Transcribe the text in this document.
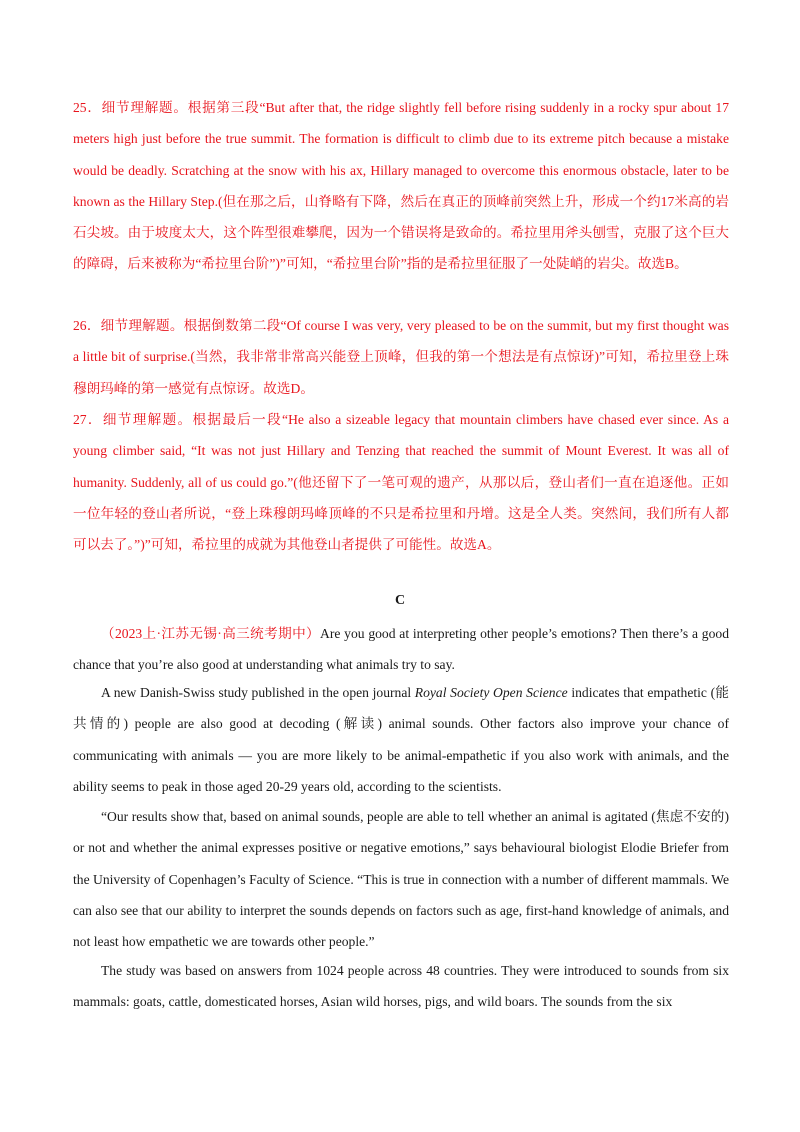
25．细节理解题。根据第三段“But after that, the ridge slightly fell before rising suddenly in a rocky spur about 17 meters high just before the true summit. The formation is difficult to climb due to its extreme pitch because a mistake would be deadly. Scratching at the snow with his ax, Hillary managed to overcome this enormous obstacle, later to be known as the Hillary Step.(但在那之后，山脊略有下降，然后在真正的顶峰前突然上升，形成一个约17米高的岩石尖坡。由于坡度太大，这个阵型很难攀爬，因为一个错误将是致命的。希拉里用斧头刨雪，克服了这个巨大的障碍，后来被称为“希拉里台阶”)”可知，“希拉里台阶”指的是希拉里征服了一处陡峭的岩尖。故选B。

26．细节理解题。根据倒数第二段“Of course I was very, very pleased to be on the summit, but my first thought was a little bit of surprise.(当然，我非常非常高兴能登上顶峰，但我的第一个想法是有点惊讶)”可知，希拉里登上珠穆朗玛峰的第一感觉有点惊讶。故选D。

27．细节理解题。根据最后一段“He also a sizeable legacy that mountain climbers have chased ever since. As a young climber said, “It was not just Hillary and Tenzing that reached the summit of Mount Everest. It was all of humanity. Suddenly, all of us could go.”(他还留下了一笔可观的遗产，从那以后，登山者们一直在追逐他。正如一位年轻的登山者所说，“登上珠穆朗玛峰顶峰的不只是希拉里和丹增。这是全人类。突然间，我们所有人都可以去了。”)”可知，希拉里的成就为其他登山者提供了可能性。故选A。

C

（2023上·江苏无锡·高三统考期中）Are you good at interpreting other people’s emotions? Then there’s a good chance that you’re also good at understanding what animals try to say.

A new Danish-Swiss study published in the open journal Royal Society Open Science indicates that empathetic (能共情的) people are also good at decoding (解读) animal sounds. Other factors also improve your chance of communicating with animals — you are more likely to be animal-empathetic if you also work with animals, and the ability seems to peak in those aged 20-29 years old, according to the scientists.

“Our results show that, based on animal sounds, people are able to tell whether an animal is agitated (焦虑不安的) or not and whether the animal expresses positive or negative emotions,” says behavioural biologist Elodie Briefer from the University of Copenhagen’s Faculty of Science. “This is true in connection with a number of different mammals. We can also see that our ability to interpret the sounds depends on factors such as age, first-hand knowledge of animals, and not least how empathetic we are towards other people.”

The study was based on answers from 1024 people across 48 countries. They were introduced to sounds from six mammals: goats, cattle, domesticated horses, Asian wild horses, pigs, and wild boars. The sounds from the six
